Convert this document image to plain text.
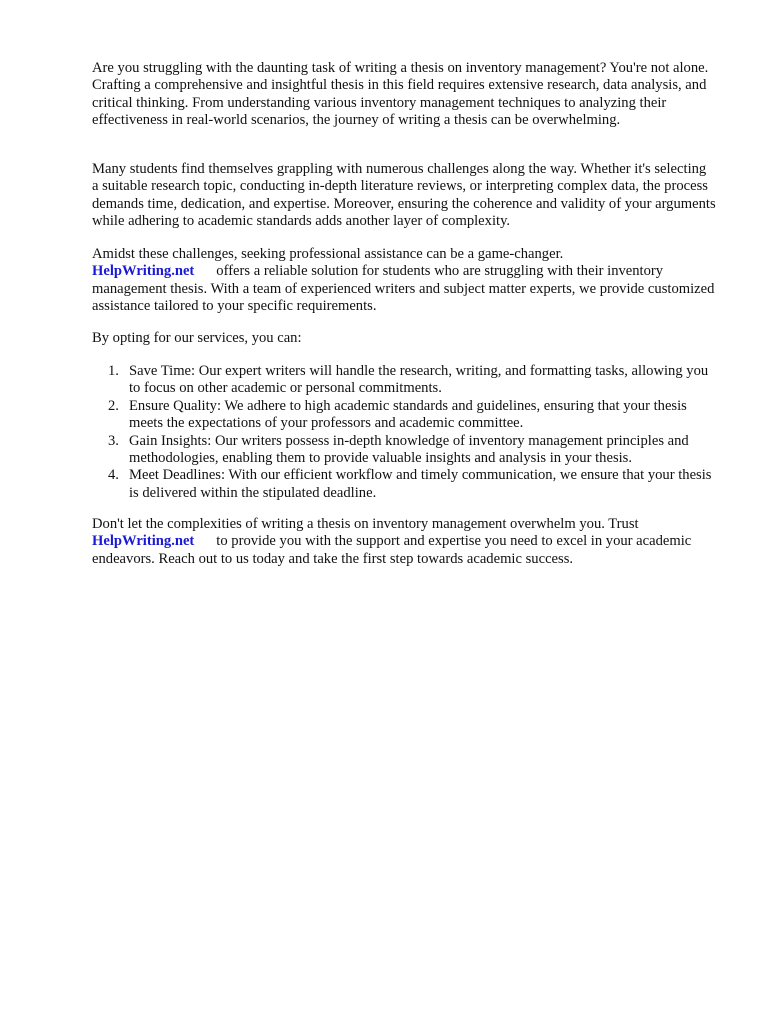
Are you struggling with the daunting task of writing a thesis on inventory management? You're not alone. Crafting a comprehensive and insightful thesis in this field requires extensive research, data analysis, and critical thinking. From understanding various inventory management techniques to analyzing their effectiveness in real-world scenarios, the journey of writing a thesis can be overwhelming.

Many students find themselves grappling with numerous challenges along the way. Whether it's selecting a suitable research topic, conducting in-depth literature reviews, or interpreting complex data, the process demands time, dedication, and expertise. Moreover, ensuring the coherence and validity of your arguments while adhering to academic standards adds another layer of complexity.

Amidst these challenges, seeking professional assistance can be a game-changer.
HelpWriting.net offers a reliable solution for students who are struggling with their inventory management thesis. With a team of experienced writers and subject matter experts, we provide customized assistance tailored to your specific requirements.

By opting for our services, you can:

1. Save Time: Our expert writers will handle the research, writing, and formatting tasks, allowing you to focus on other academic or personal commitments.
2. Ensure Quality: We adhere to high academic standards and guidelines, ensuring that your thesis meets the expectations of your professors and academic committee.
3. Gain Insights: Our writers possess in-depth knowledge of inventory management principles and methodologies, enabling them to provide valuable insights and analysis in your thesis.
4. Meet Deadlines: With our efficient workflow and timely communication, we ensure that your thesis is delivered within the stipulated deadline.

Don't let the complexities of writing a thesis on inventory management overwhelm you. Trust
HelpWriting.net to provide you with the support and expertise you need to excel in your academic endeavors. Reach out to us today and take the first step towards academic success.
